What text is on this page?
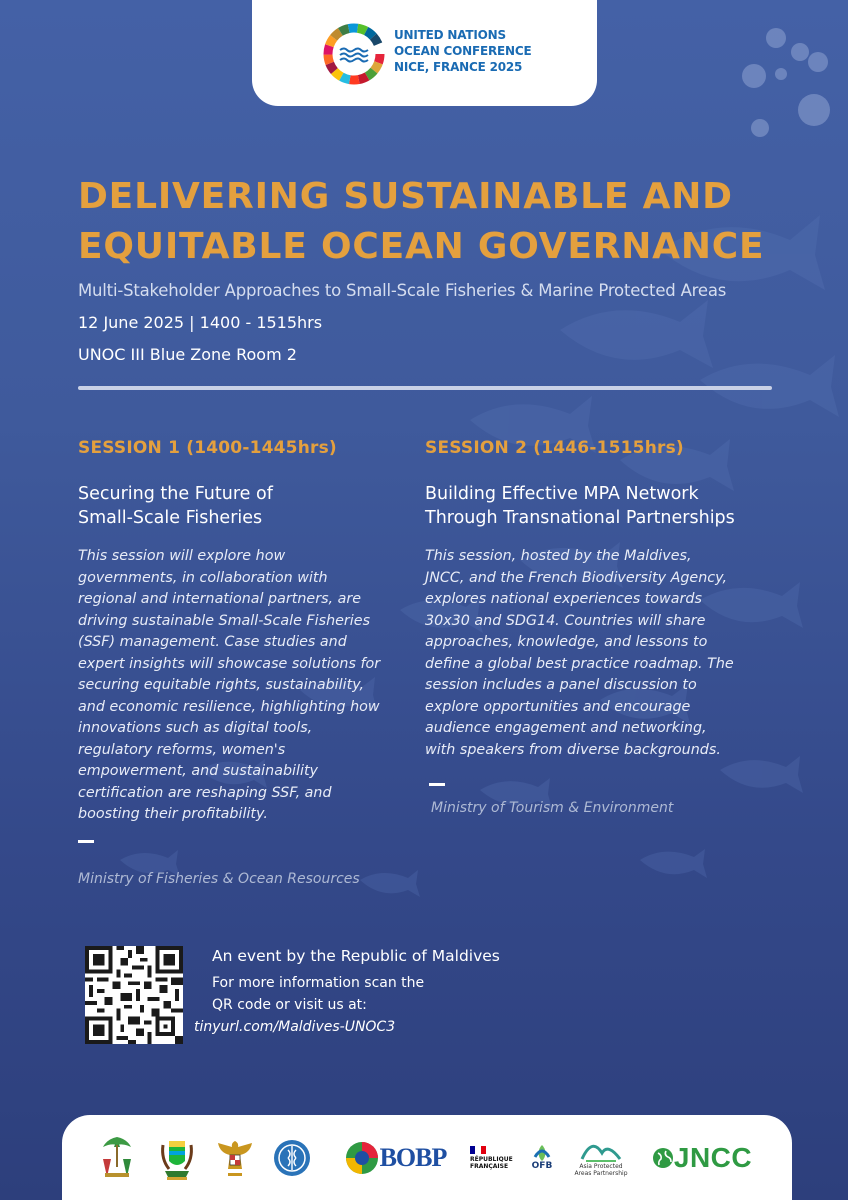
UNITED NATIONS
OCEAN CONFERENCE
NICE, FRANCE 2025
DELIVERING SUSTAINABLE AND
EQUITABLE OCEAN GOVERNANCE
Multi-Stakeholder Approaches to Small-Scale Fisheries & Marine Protected Areas
12 June 2025 | 1400 - 1515hrs
UNOC III Blue Zone Room 2
SESSION 1 (1400-1445hrs)
Securing the Future of
Small-Scale Fisheries
This session will explore how
governments, in collaboration with
regional and international partners, are
driving sustainable Small-Scale Fisheries
(SSF) management. Case studies and
expert insights will showcase solutions for
securing equitable rights, sustainability,
and economic resilience, highlighting how
innovations such as digital tools,
regulatory reforms, women's
empowerment, and sustainability
certification are reshaping SSF, and
boosting their profitability.
Ministry of Fisheries & Ocean Resources
SESSION 2 (1446-1515hrs)
Building Effective MPA Network
Through Transnational Partnerships
This session, hosted by the Maldives,
JNCC, and the French Biodiversity Agency,
explores national experiences towards
30x30 and SDG14. Countries will share
approaches, knowledge, and lessons to
define a global best practice roadmap. The
session includes a panel discussion to
explore opportunities and encourage
audience engagement and networking,
with speakers from diverse backgrounds.
Ministry of Tourism & Environment
An event by the Republic of Maldives
For more information scan the
QR code or visit us at:
tinyurl.com/Maldives-UNOC3
BOBP	RÉPUBLIQUE
FRANÇAISE	OFB	Asia Protected
Areas Partnership
JNCC
